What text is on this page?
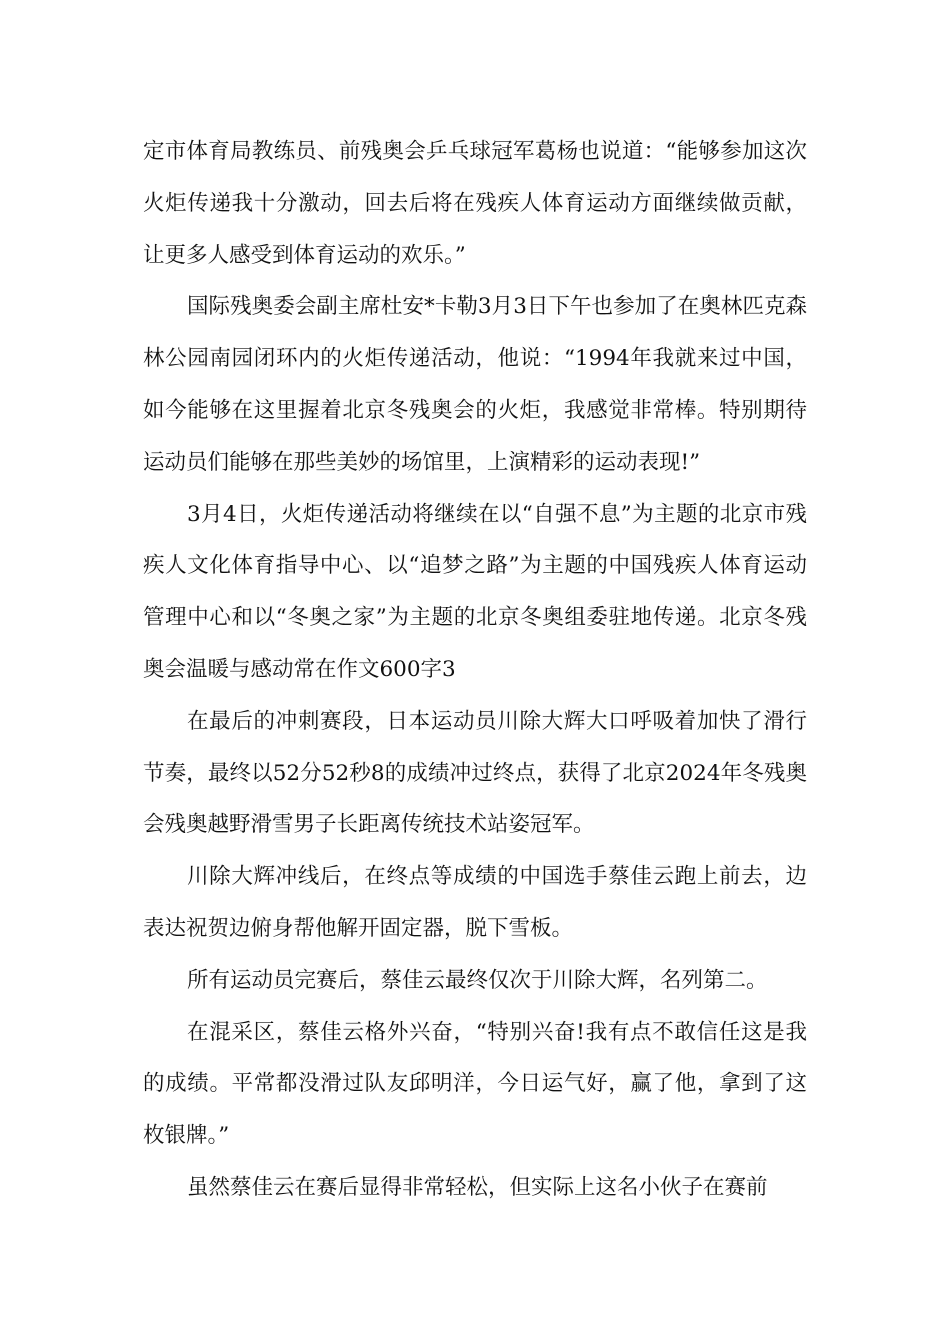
定市体育局教练员、前残奥会乒乓球冠军葛杨也说道：“能够参加这次火炬传递我十分激动，回去后将在残疾人体育运动方面继续做贡献，让更多人感受到体育运动的欢乐。”

国际残奥委会副主席杜安*卡勒3月3日下午也参加了在奥林匹克森林公园南园闭环内的火炬传递活动，他说：“1994年我就来过中国，如今能够在这里握着北京冬残奥会的火炬，我感觉非常棒。特别期待运动员们能够在那些美妙的场馆里，上演精彩的运动表现!”

3月4日，火炬传递活动将继续在以“自强不息”为主题的北京市残疾人文化体育指导中心、以“追梦之路”为主题的中国残疾人体育运动管理中心和以“冬奥之家”为主题的北京冬奥组委驻地传递。北京冬残奥会温暖与感动常在作文600字3

在最后的冲刺赛段，日本运动员川除大辉大口呼吸着加快了滑行节奏，最终以52分52秒8的成绩冲过终点，获得了北京2024年冬残奥会残奥越野滑雪男子长距离传统技术站姿冠军。

川除大辉冲线后，在终点等成绩的中国选手蔡佳云跑上前去，边表达祝贺边俯身帮他解开固定器，脱下雪板。

所有运动员完赛后，蔡佳云最终仅次于川除大辉，名列第二。

在混采区，蔡佳云格外兴奋，“特别兴奋!我有点不敢信任这是我的成绩。平常都没滑过队友邱明洋，今日运气好，赢了他，拿到了这枚银牌。”

虽然蔡佳云在赛后显得非常轻松，但实际上这名小伙子在赛前
